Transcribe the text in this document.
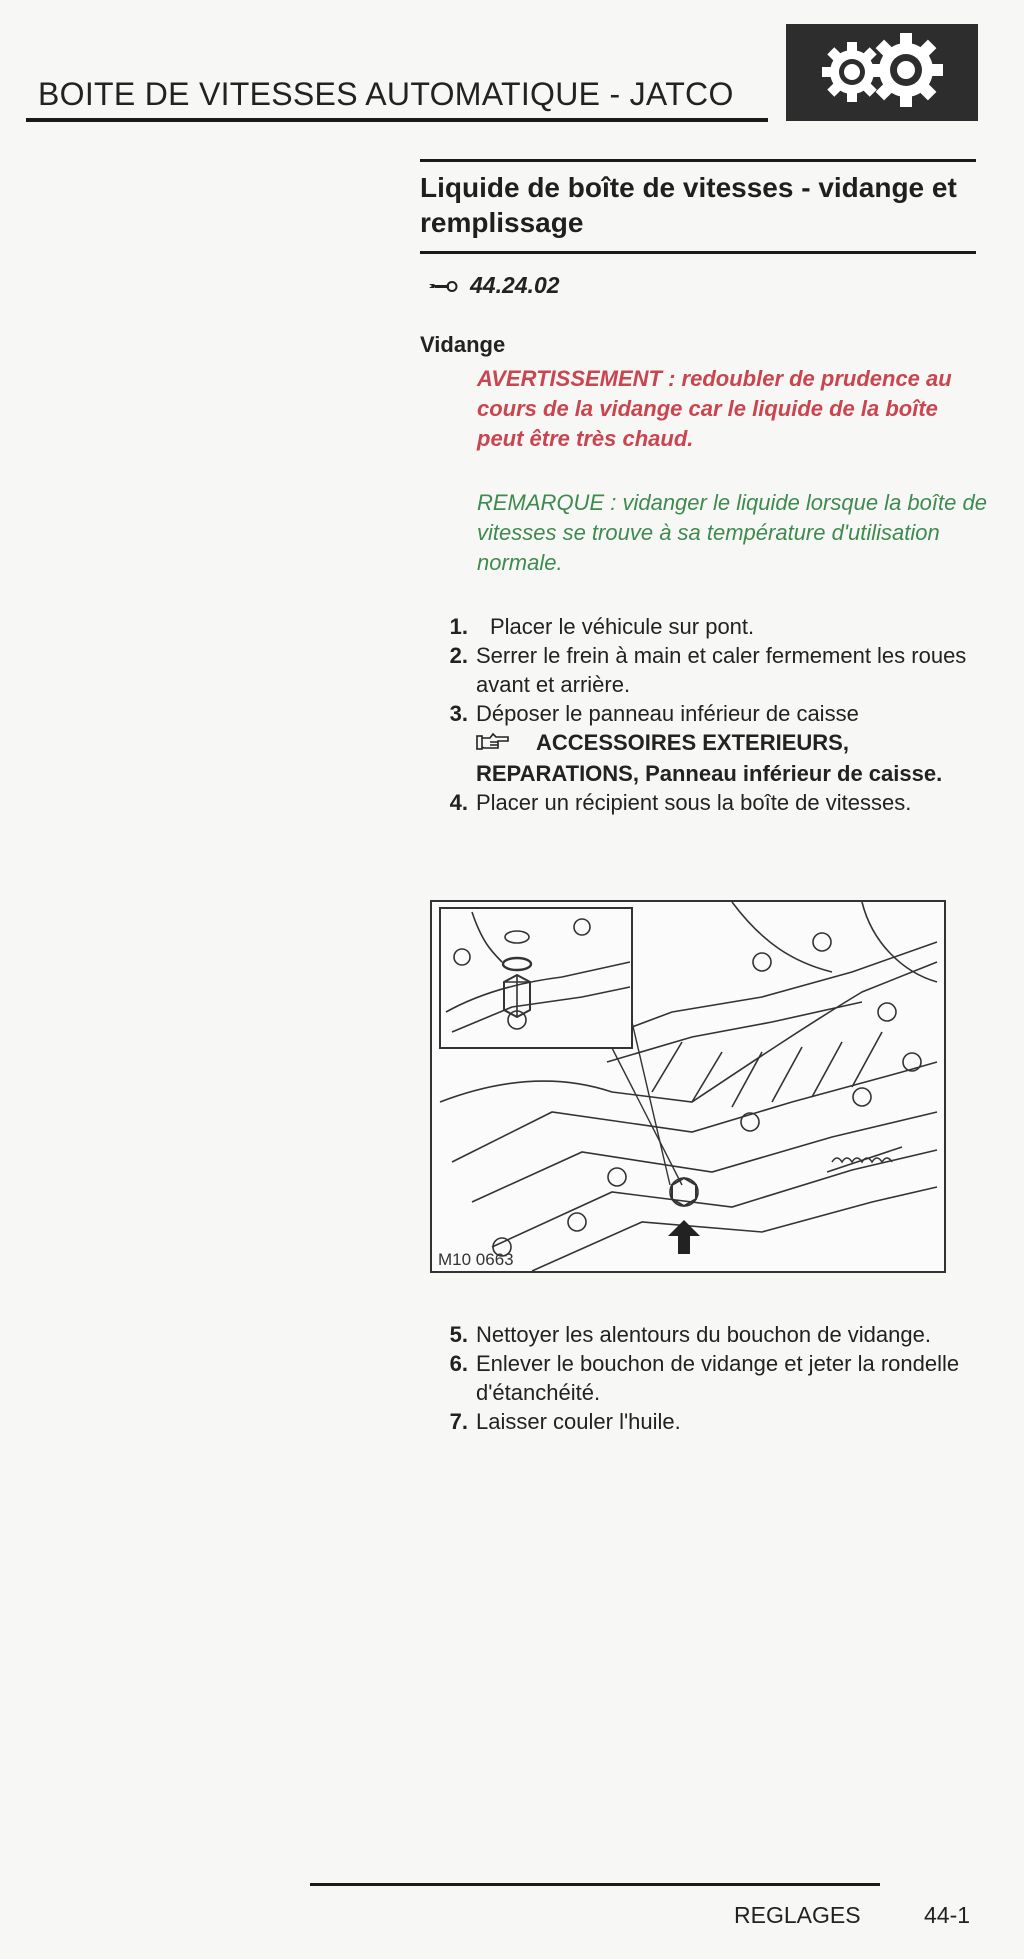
BOITE DE VITESSES AUTOMATIQUE - JATCO
Liquide de boîte de vitesses - vidange et remplissage
44.24.02
Vidange
AVERTISSEMENT : redoubler de prudence au cours de la vidange car le liquide de la boîte peut être très chaud.
REMARQUE : vidanger le liquide lorsque la boîte de vitesses se trouve à sa température d'utilisation normale.
1.	Placer le véhicule sur pont.
2. Serrer le frein à main et caler fermement les roues avant et arrière.
3. Déposer le panneau inférieur de caisse
ACCESSOIRES EXTERIEURS, REPARATIONS, Panneau inférieur de caisse.
4. Placer un récipient sous la boîte de vitesses.
M10 0663
5. Nettoyer les alentours du bouchon de vidange.
6. Enlever le bouchon de vidange et jeter la rondelle d'étanchéité.
7. Laisser couler l'huile.
REGLAGES	44-1
